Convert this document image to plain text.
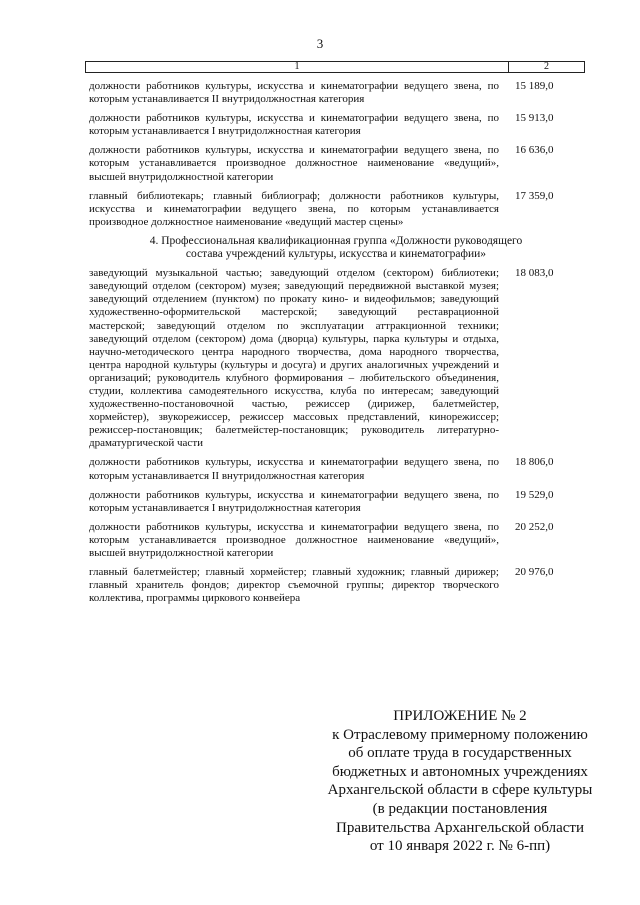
3
1	2
должности работников культуры, искусства и кинематографии ведущего звена, по которым устанавливается II внутридолжностная категория
15 189,0
должности работников культуры, искусства и кинематографии ведущего звена, по которым устанавливается I внутридолжностная категория
15 913,0
должности работников культуры, искусства и кинематографии ведущего звена, по которым устанавливается производное должностное наименование «ведущий», высшей внутридолжностной категории
16 636,0
главный библиотекарь; главный библиограф; должности работников культуры, искусства и кинематографии ведущего звена, по которым устанавливается производное должностное наименование «ведущий мастер сцены»
17 359,0
4. Профессиональная квалификационная группа «Должности руководящего состава учреждений культуры, искусства и кинематографии»
заведующий музыкальной частью; заведующий отделом (сектором) библиотеки; заведующий отделом (сектором) музея; заведующий передвижной выставкой музея; заведующий отделением (пунктом) по прокату кино- и видеофильмов; заведующий художественно-оформительской мастерской; заведующий реставрационной мастерской; заведующий отделом по эксплуатации аттракционной техники; заведующий отделом (сектором) дома (дворца) культуры, парка культуры и отдыха, научно-методического центра народного творчества, дома народного творчества, центра народной культуры (культуры и досуга) и других аналогичных учреждений и организаций; руководитель клубного формирования – любительского объединения, студии, коллектива самодеятельного искусства, клуба по интересам; заведующий художественно-постановочной частью, режиссер (дирижер, балетмейстер, хормейстер), звукорежиссер, режиссер массовых представлений, кинорежиссер; режиссер-постановщик; балетмейстер-постановщик; руководитель литературно-драматургической части
18 083,0
должности работников культуры, искусства и кинематографии ведущего звена, по которым устанавливается II внутридолжностная категория
18 806,0
должности работников культуры, искусства и кинематографии ведущего звена, по которым устанавливается I внутридолжностная категория
19 529,0
должности работников культуры, искусства и кинематографии ведущего звена, по которым устанавливается производное должностное наименование «ведущий», высшей внутридолжностной категории
20 252,0
главный балетмейстер; главный хормейстер; главный художник; главный дирижер; главный хранитель фондов; директор съемочной группы; директор творческого коллектива, программы циркового конвейера
20 976,0
ПРИЛОЖЕНИЕ № 2
к Отраслевому примерному положению
об оплате труда в государственных
бюджетных и автономных учреждениях
Архангельской области в сфере культуры
(в редакции постановления
Правительства Архангельской области
от 10 января 2022 г. № 6-пп)
